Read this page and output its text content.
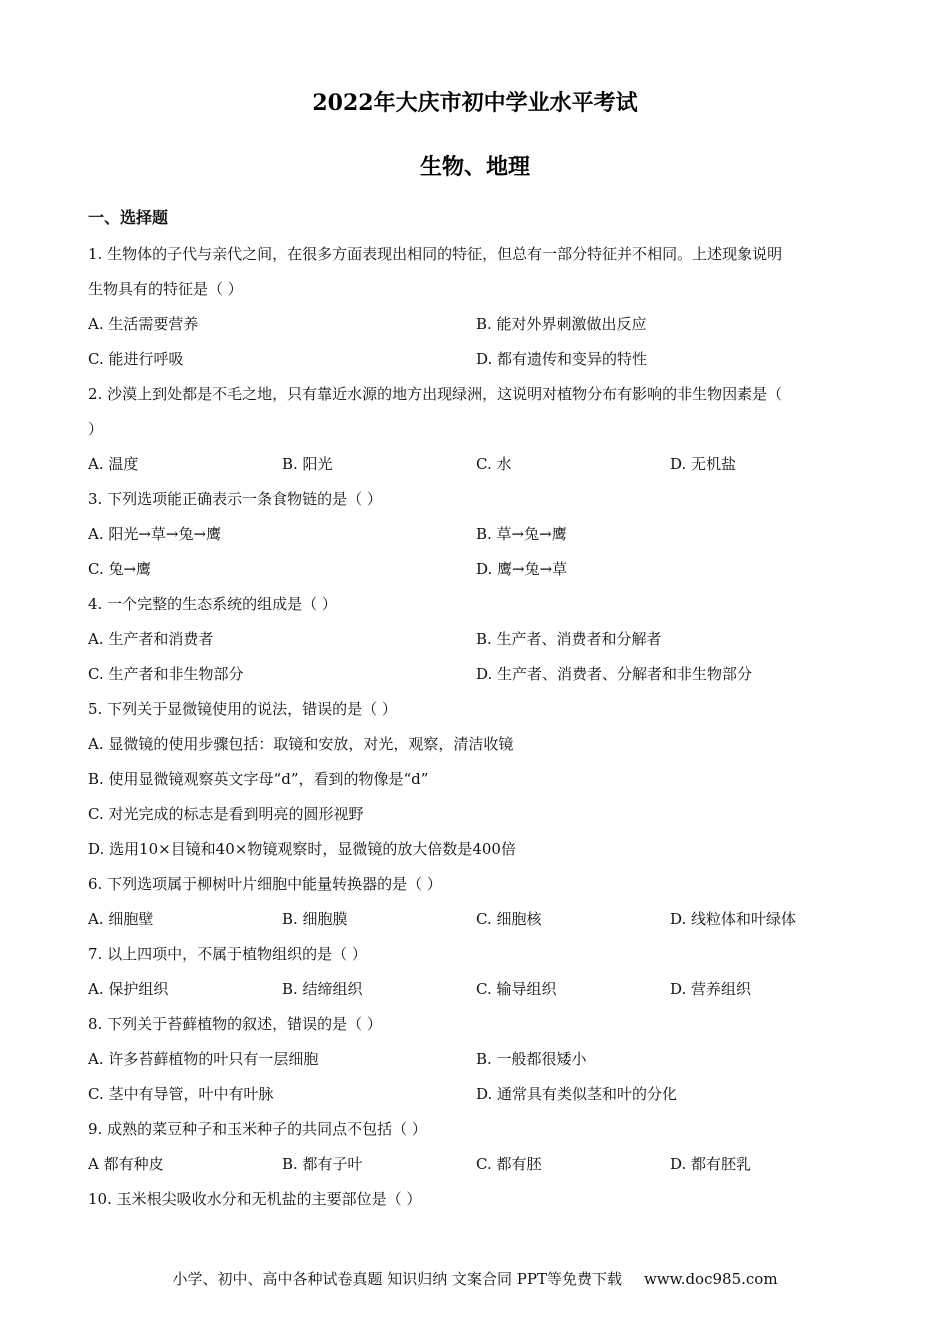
2022年大庆市初中学业水平考试
生物、地理
一、选择题
1. 生物体的子代与亲代之间，在很多方面表现出相同的特征，但总有一部分特征并不相同。上述现象说明
生物具有的特征是（ ）
A. 生活需要营养	B. 能对外界刺激做出反应
C. 能进行呼吸	D. 都有遗传和变异的特性
2. 沙漠上到处都是不毛之地，只有靠近水源的地方出现绿洲，这说明对植物分布有影响的非生物因素是（
）
A. 温度	B. 阳光	C. 水	D. 无机盐
3. 下列选项能正确表示一条食物链的是（ ）
A. 阳光→草→兔→鹰	B. 草→兔→鹰
C. 兔→鹰	D. 鹰→兔→草
4. 一个完整的生态系统的组成是（ ）
A. 生产者和消费者	B. 生产者、消费者和分解者
C. 生产者和非生物部分	D. 生产者、消费者、分解者和非生物部分
5. 下列关于显微镜使用的说法，错误的是（ ）
A. 显微镜的使用步骤包括：取镜和安放，对光，观察，清洁收镜
B. 使用显微镜观察英文字母“d”，看到的物像是“d”
C. 对光完成的标志是看到明亮的圆形视野
D. 选用10×目镜和40×物镜观察时，显微镜的放大倍数是400倍
6. 下列选项属于柳树叶片细胞中能量转换器的是（ ）
A. 细胞壁	B. 细胞膜	C. 细胞核	D. 线粒体和叶绿体
7. 以上四项中，不属于植物组织的是（ ）
A. 保护组织	B. 结缔组织	C. 输导组织	D. 营养组织
8. 下列关于苔藓植物的叙述，错误的是（ ）
A. 许多苔藓植物的叶只有一层细胞	B. 一般都很矮小
C. 茎中有导管，叶中有叶脉	D. 通常具有类似茎和叶的分化
9. 成熟的菜豆种子和玉米种子的共同点不包括（ ）
A 都有种皮	B. 都有子叶	C. 都有胚	D. 都有胚乳
10. 玉米根尖吸收水分和无机盐的主要部位是（ ）
小学、初中、高中各种试卷真题 知识归纳 文案合同 PPT等免费下载 www.doc985.com
